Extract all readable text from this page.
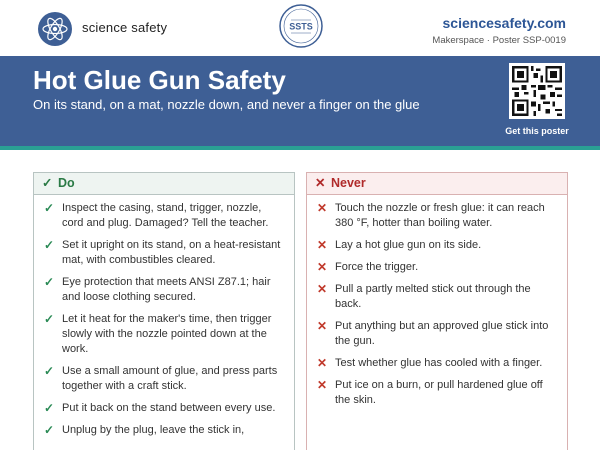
science safety	SSTS	sciencesafety.com
Makerspace · Poster SSP-0019
Hot Glue Gun Safety
On its stand, on a mat, nozzle down, and never a finger on the glue
Get this poster
✓ Do
✓ Inspect the casing, stand, trigger, nozzle, cord and plug. Damaged? Tell the teacher.
✓ Set it upright on its stand, on a heat-resistant mat, with combustibles cleared.
✓ Eye protection that meets ANSI Z87.1; hair and loose clothing secured.
✓ Let it heat for the maker's time, then trigger slowly with the nozzle pointed down at the work.
✓ Use a small amount of glue, and press parts together with a craft stick.
✓ Put it back on the stand between every use.
✓ Unplug by the plug, leave the stick in,
✕ Never
✕ Touch the nozzle or fresh glue: it can reach 380 °F, hotter than boiling water.
✕ Lay a hot glue gun on its side.
✕ Force the trigger.
✕ Pull a partly melted stick out through the back.
✕ Put anything but an approved glue stick into the gun.
✕ Test whether glue has cooled with a finger.
✕ Put ice on a burn, or pull hardened glue off the skin.
